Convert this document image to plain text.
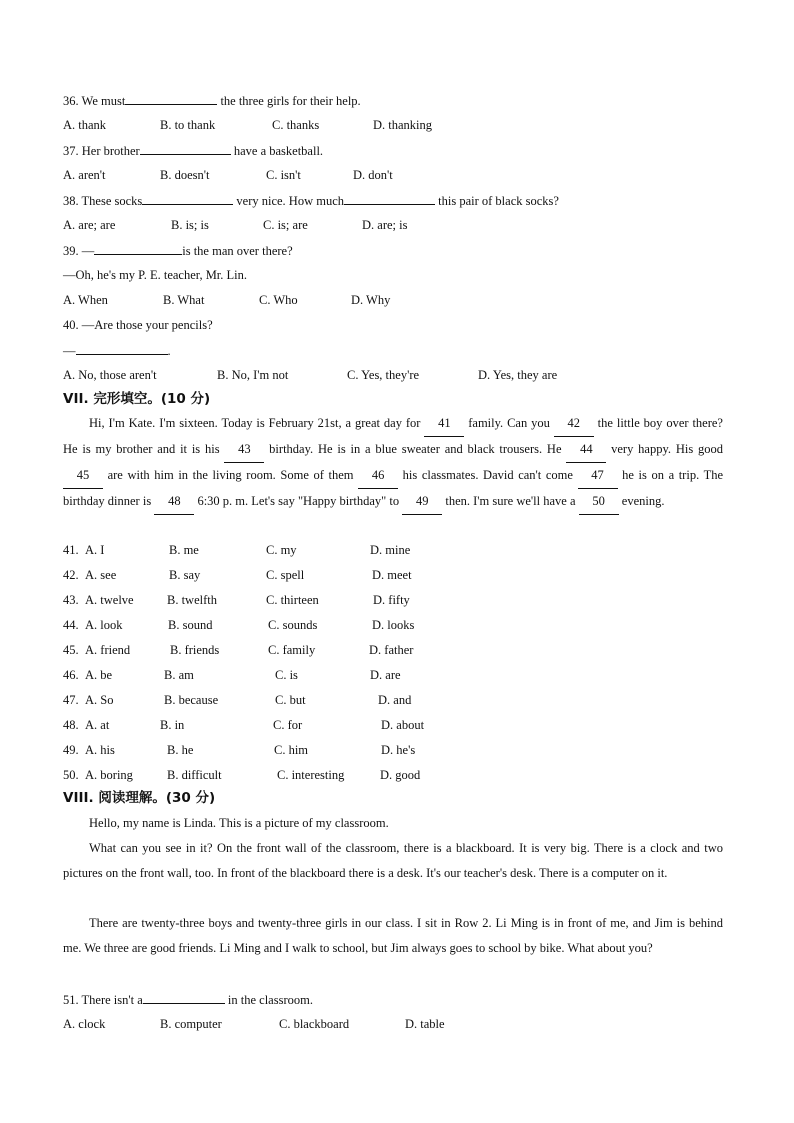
36. We must	the three girls for their help.
A. thank	B. to thank	C. thanks	D. thanking
37. Her brother	have a basketball.
A. aren't	B. doesn't	C. isn't	D. don't
38. These socks	very nice. How much	this pair of black socks?
A. are; are	B. is; is	C. is; are	D. are; is
39. —	is the man over there?
—Oh, he's my P. E. teacher, Mr. Lin.
A. When	B. What	C. Who	D. Why
40. —Are those your pencils?
—	.
A. No, those aren't	B. No, I'm not	C. Yes, they're	D. Yes, they are
VII. 完形填空。(10 分)
Hi, I'm Kate. I'm sixteen. Today is February 21st, a great day for 41 family. Can you 42 the little boy over there? He is my brother and it is his 43 birthday. He is in a blue sweater and black trousers. He 44 very happy. His good 45 are with him in the living room. Some of them 46 his classmates. David can't come 47 he is on a trip. The birthday dinner is 48 6:30 p. m. Let's say "Happy birthday" to 49 then. I'm sure we'll have a 50 evening.
41. A. I	B. me	C. my	D. mine
42. A. see	B. say	C. spell	D. meet
43. A. twelve	B. twelfth	C. thirteen	D. fifty
44. A. look	B. sound	C. sounds	D. looks
45. A. friend	B. friends	C. family	D. father
46. A. be	B. am	C. is	D. are
47. A. So	B. because	C. but	D. and
48. A. at	B. in	C. for	D. about
49. A. his	B. he	C. him	D. he's
50. A. boring	B. difficult	C. interesting	D. good
VIII. 阅读理解。(30 分)
Hello, my name is Linda. This is a picture of my classroom.
What can you see in it? On the front wall of the classroom, there is a blackboard. It is very big. There is a clock and two pictures on the front wall, too. In front of the blackboard there is a desk. It's our teacher's desk. There is a computer on it.
There are twenty-three boys and twenty-three girls in our class. I sit in Row 2. Li Ming is in front of me, and Jim is behind me. We three are good friends. Li Ming and I walk to school, but Jim always goes to school by bike. What about you?
51. There isn't a	in the classroom.
A. clock	B. computer	C. blackboard	D. table
